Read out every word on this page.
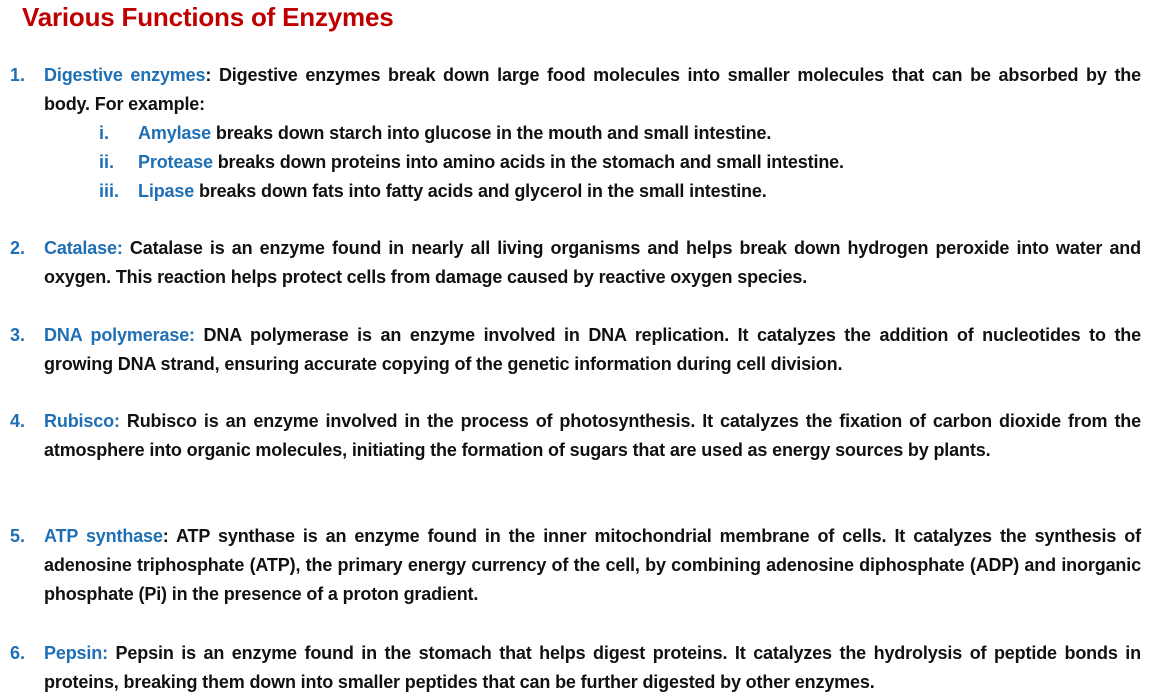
Various Functions of Enzymes
1. Digestive enzymes: Digestive enzymes break down large food molecules into smaller molecules that can be absorbed by the body. For example:
i. Amylase breaks down starch into glucose in the mouth and small intestine.
ii. Protease breaks down proteins into amino acids in the stomach and small intestine.
iii. Lipase breaks down fats into fatty acids and glycerol in the small intestine.
2. Catalase: Catalase is an enzyme found in nearly all living organisms and helps break down hydrogen peroxide into water and oxygen. This reaction helps protect cells from damage caused by reactive oxygen species.
3. DNA polymerase: DNA polymerase is an enzyme involved in DNA replication. It catalyzes the addition of nucleotides to the growing DNA strand, ensuring accurate copying of the genetic information during cell division.
4. Rubisco: Rubisco is an enzyme involved in the process of photosynthesis. It catalyzes the fixation of carbon dioxide from the atmosphere into organic molecules, initiating the formation of sugars that are used as energy sources by plants.
5. ATP synthase: ATP synthase is an enzyme found in the inner mitochondrial membrane of cells. It catalyzes the synthesis of adenosine triphosphate (ATP), the primary energy currency of the cell, by combining adenosine diphosphate (ADP) and inorganic phosphate (Pi) in the presence of a proton gradient.
6. Pepsin: Pepsin is an enzyme found in the stomach that helps digest proteins. It catalyzes the hydrolysis of peptide bonds in proteins, breaking them down into smaller peptides that can be further digested by other enzymes.
